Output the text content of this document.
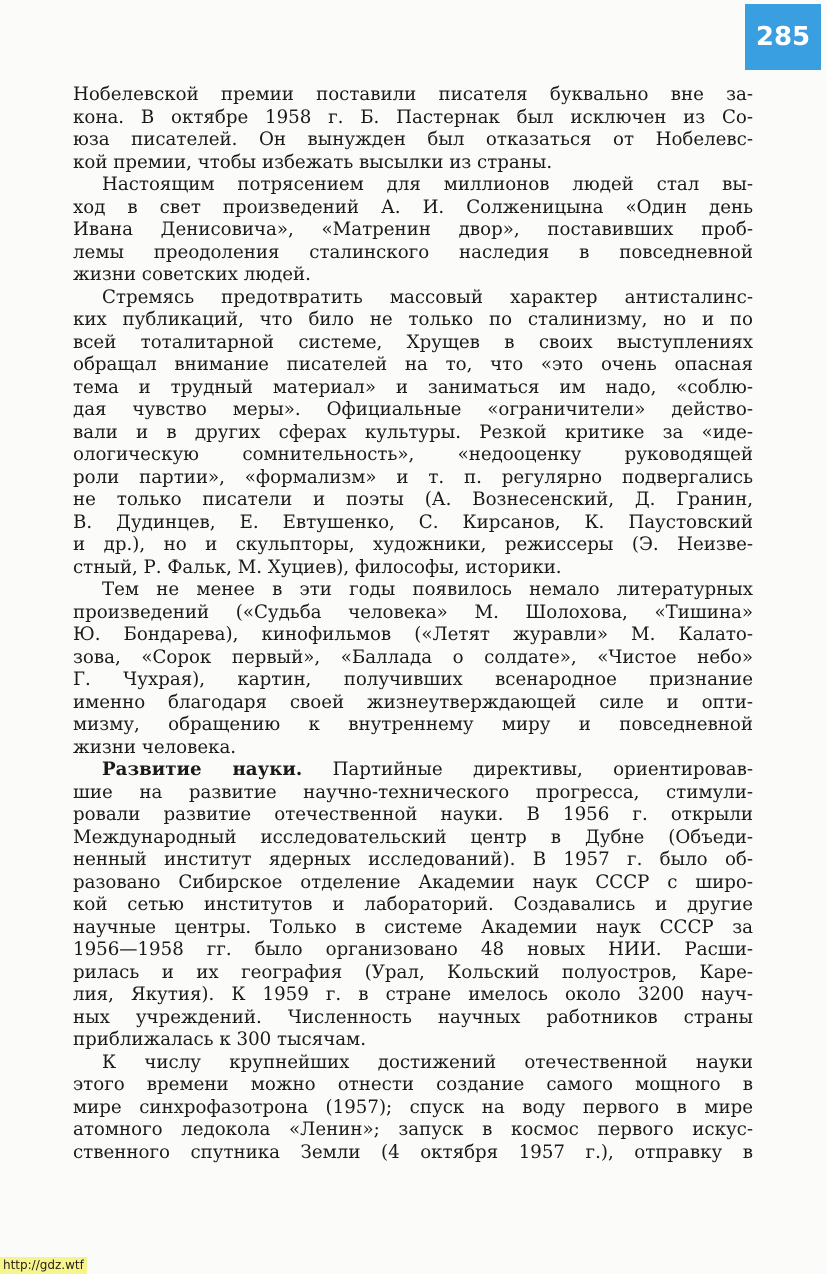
285
Нобелевской премии поставили писателя буквально вне за-
кона. В октябре 1958 г. Б. Пастернак был исключен из Со-
юза писателей. Он вынужден был отказаться от Нобелевс-
кой премии, чтобы избежать высылки из страны.
Настоящим потрясением для миллионов людей стал вы-
ход в свет произведений А. И. Солженицына «Один день
Ивана Денисовича», «Матренин двор», поставивших проб-
лемы преодоления сталинского наследия в повседневной
жизни советских людей.
Стремясь предотвратить массовый характер антисталинс-
ких публикаций, что било не только по сталинизму, но и по
всей тоталитарной системе, Хрущев в своих выступлениях
обращал внимание писателей на то, что «это очень опасная
тема и трудный материал» и заниматься им надо, «соблю-
дая чувство меры». Официальные «ограничители» действо-
вали и в других сферах культуры. Резкой критике за «иде-
ологическую сомнительность», «недооценку руководящей
роли партии», «формализм» и т. п. регулярно подвергались
не только писатели и поэты (А. Вознесенский, Д. Гранин,
В. Дудинцев, Е. Евтушенко, С. Кирсанов, К. Паустовский
и др.), но и скульпторы, художники, режиссеры (Э. Неизве-
стный, Р. Фальк, М. Хуциев), философы, историки.
Тем не менее в эти годы появилось немало литературных
произведений («Судьба человека» М. Шолохова, «Тишина»
Ю. Бондарева), кинофильмов («Летят журавли» М. Калато-
зова, «Сорок первый», «Баллада о солдате», «Чистое небо»
Г. Чухрая), картин, получивших всенародное признание
именно благодаря своей жизнеутверждающей силе и опти-
мизму, обращению к внутреннему миру и повседневной
жизни человека.
Развитие науки. Партийные директивы, ориентировав-
шие на развитие научно-технического прогресса, стимули-
ровали развитие отечественной науки. В 1956 г. открыли
Международный исследовательский центр в Дубне (Объеди-
ненный институт ядерных исследований). В 1957 г. было об-
разовано Сибирское отделение Академии наук СССР с широ-
кой сетью институтов и лабораторий. Создавались и другие
научные центры. Только в системе Академии наук СССР за
1956—1958 гг. было организовано 48 новых НИИ. Расши-
рилась и их география (Урал, Кольский полуостров, Каре-
лия, Якутия). К 1959 г. в стране имелось около 3200 науч-
ных учреждений. Численность научных работников страны
приближалась к 300 тысячам.
К числу крупнейших достижений отечественной науки
этого времени можно отнести создание самого мощного в
мире синхрофазотрона (1957); спуск на воду первого в мире
атомного ледокола «Ленин»; запуск в космос первого искус-
ственного спутника Земли (4 октября 1957 г.), отправку в
http://gdz.wtf
